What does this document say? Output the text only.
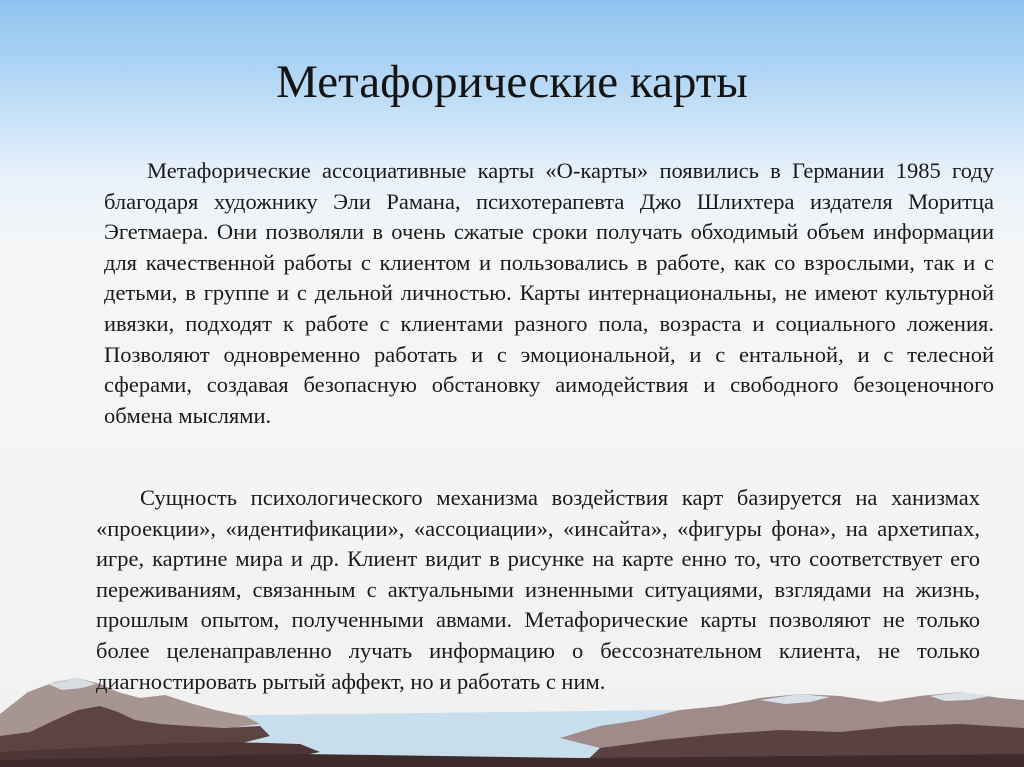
Метафорические карты

Метафорические ассоциативные карты «О-карты» появились в Германии 1985 году благодаря художнику Эли Рамана, психотерапевта Джо Шлихтера издателя Моритца Эгетмаера. Они позволяли в очень сжатые сроки получать обходимый объем информации для качественной работы с клиентом и пользовались в работе, как со взрослыми, так и с детьми, в группе и с дельной личностью. Карты интернациональны, не имеют культурной ивязки, подходят к работе с клиентами разного пола, возраста и социального ложения. Позволяют одновременно работать и с эмоциональной, и с ентальной, и с телесной сферами, создавая безопасную обстановку аимодействия и свободного безоценочного обмена мыслями.

Сущность психологического механизма воздействия карт базируется на ханизмах «проекции», «идентификации», «ассоциации», «инсайта», «фигуры фона», на архетипах, игре, картине мира и др. Клиент видит в рисунке на карте енно то, что соответствует его переживаниям, связанным с актуальными изненными ситуациями, взглядами на жизнь, прошлым опытом, полученными авмами. Метафорические карты позволяют не только более целенаправленно лучать информацию о бессознательном клиента, не только диагностировать рытый аффект, но и работать с ним.
